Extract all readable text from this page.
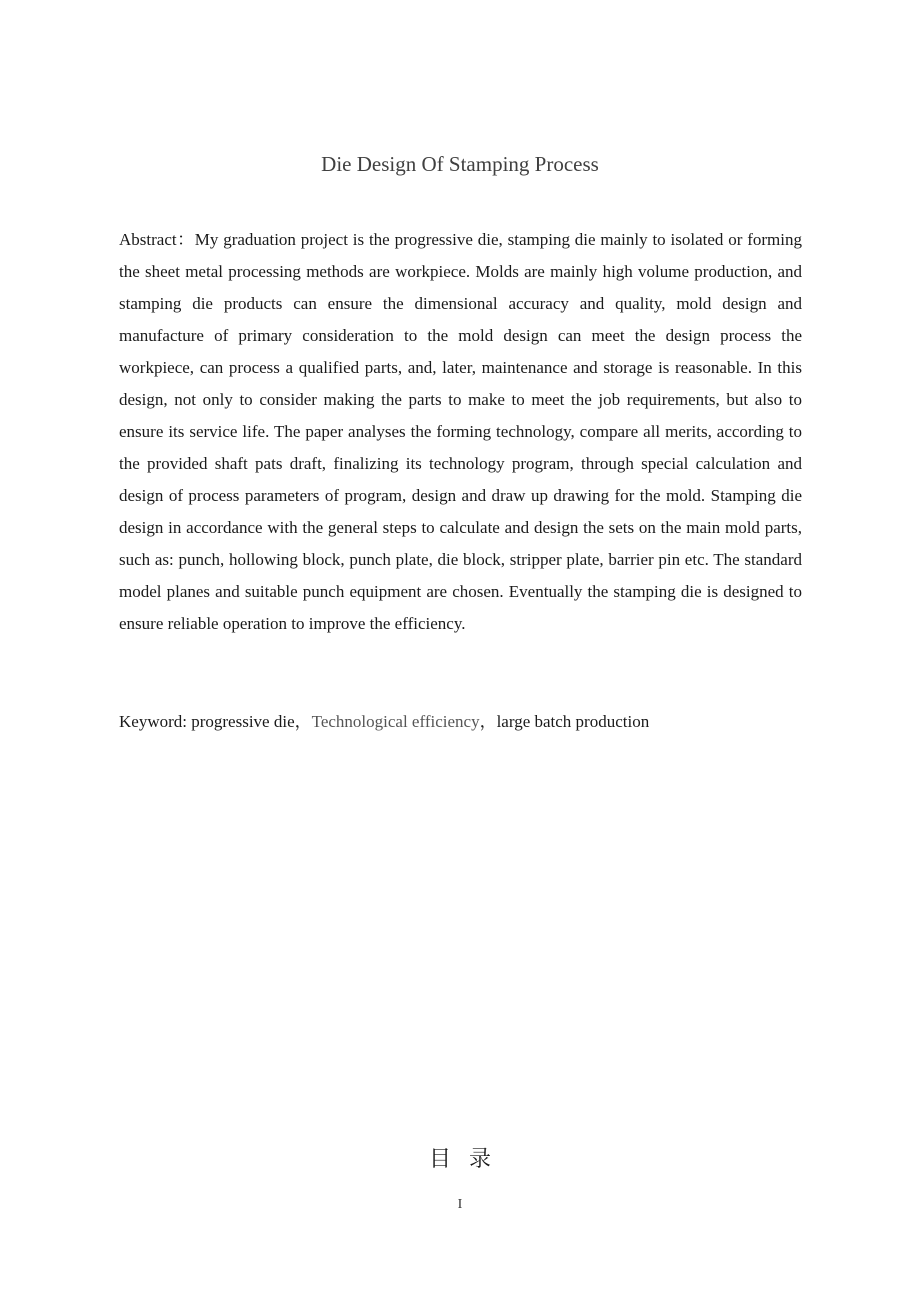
Die Design Of Stamping Process

Abstract：My graduation project is the progressive die, stamping die mainly to isolated or forming the sheet metal processing methods are workpiece. Molds are mainly high volume production, and stamping die products can ensure the dimensional accuracy and quality, mold design and manufacture of primary consideration to the mold design can meet the design process the workpiece, can process a qualified parts, and, later, maintenance and storage is reasonable. In this design, not only to consider making the parts to make to meet the job requirements, but also to ensure its service life. The paper analyses the forming technology, compare all merits, according to the provided shaft pats draft, finalizing its technology program, through special calculation and design of process parameters of program, design and draw up drawing for the mold. Stamping die design in accordance with the general steps to calculate and design the sets on the main mold parts, such as: punch, hollowing block, punch plate, die block, stripper plate, barrier pin etc. The standard model planes and suitable punch equipment are chosen. Eventually the stamping die is designed to ensure reliable operation to improve the efficiency.

Keyword: progressive die，Technological efficiency，large batch production

目录
I
